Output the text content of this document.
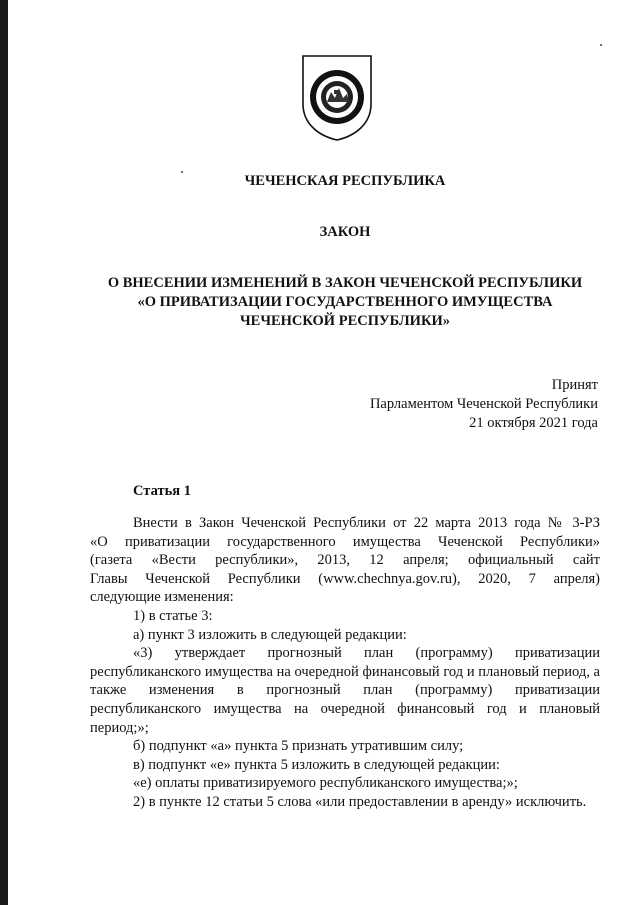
ЧЕЧЕНСКАЯ РЕСПУБЛИКА
ЗАКОН
О ВНЕСЕНИИ ИЗМЕНЕНИЙ В ЗАКОН ЧЕЧЕНСКОЙ РЕСПУБЛИКИ
«О ПРИВАТИЗАЦИИ ГОСУДАРСТВЕННОГО ИМУЩЕСТВА
ЧЕЧЕНСКОЙ РЕСПУБЛИКИ»
Принят
Парламентом Чеченской Республики
21 октября 2021 года
Статья 1

Внести в Закон Чеченской Республики от 22 марта 2013 года № 3-РЗ

«О приватизации государственного имущества Чеченской Республики»

(газета «Вести республики», 2013, 12 апреля; официальный сайт

Главы Чеченской Республики (www.chechnya.gov.ru), 2020, 7 апреля)

следующие изменения:

1) в статье 3:

а) пункт 3 изложить в следующей редакции:

«3) утверждает прогнозный план (программу) приватизации республиканского имущества на очередной финансовый год и плановый период, а также изменения в прогнозный план (программу) приватизации республиканского имущества на очередной финансовый год и плановый период;»;

б) подпункт «а» пункта 5 признать утратившим силу;

в) подпункт «е» пункта 5 изложить в следующей редакции:

«е) оплаты приватизируемого республиканского имущества;»;

2) в пункте 12 статьи 5 слова «или предоставлении в аренду» исключить.
